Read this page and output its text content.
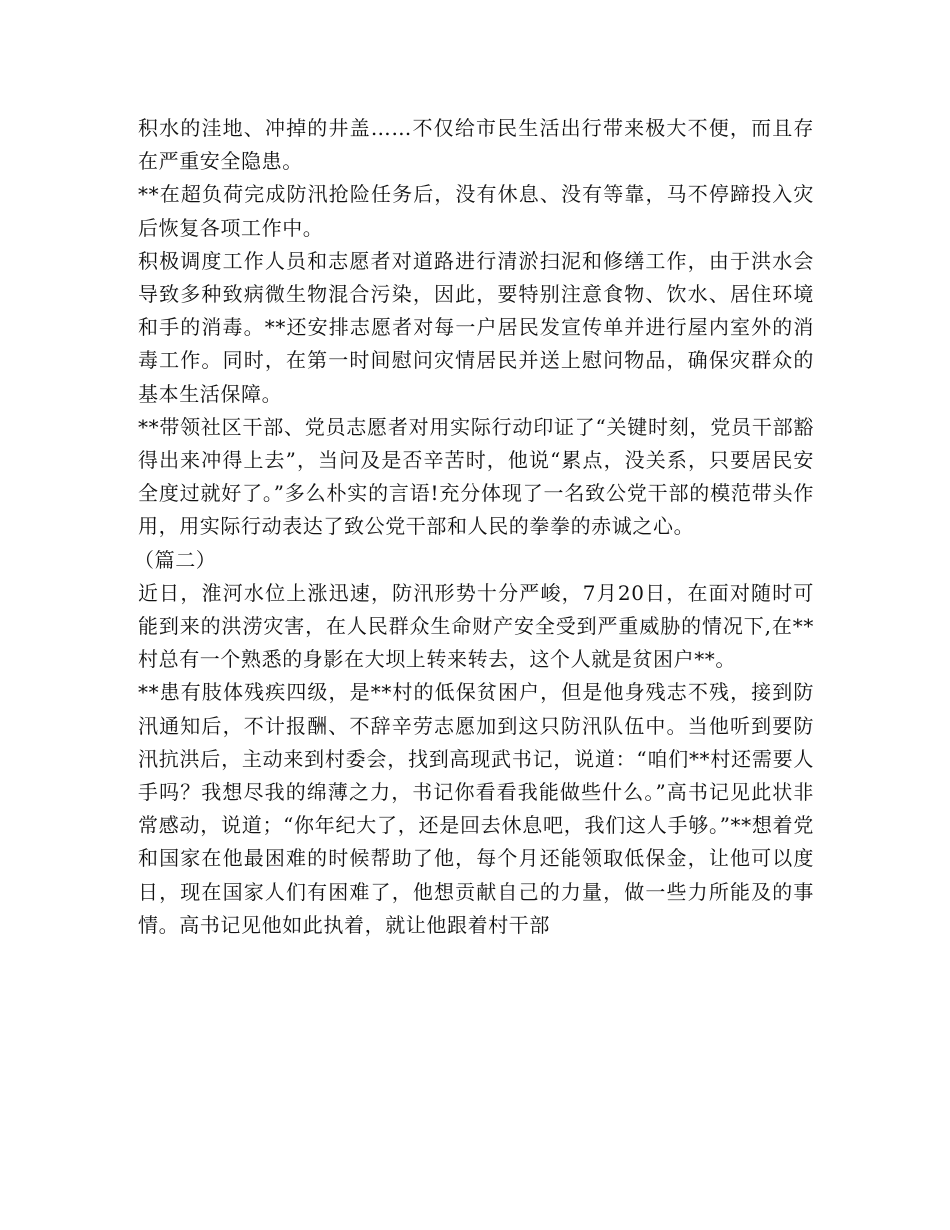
积水的洼地、冲掉的井盖……不仅给市民生活出行带来极大不便，而且存在严重安全隐患。

**在超负荷完成防汛抢险任务后，没有休息、没有等靠，马不停蹄投入灾后恢复各项工作中。

积极调度工作人员和志愿者对道路进行清淤扫泥和修缮工作，由于洪水会导致多种致病微生物混合污染，因此，要特别注意食物、饮水、居住环境和手的消毒。**还安排志愿者对每一户居民发宣传单并进行屋内室外的消毒工作。同时，在第一时间慰问灾情居民并送上慰问物品，确保灾群众的基本生活保障。

**带领社区干部、党员志愿者对用实际行动印证了“关键时刻，党员干部豁得出来冲得上去”，当问及是否辛苦时，他说“累点，没关系，只要居民安全度过就好了。”多么朴实的言语!充分体现了一名致公党干部的模范带头作用，用实际行动表达了致公党干部和人民的拳拳的赤诚之心。

（篇二）

近日，淮河水位上涨迅速，防汛形势十分严峻，7月20日，在面对随时可能到来的洪涝灾害，在人民群众生命财产安全受到严重威胁的情况下,在**村总有一个熟悉的身影在大坝上转来转去，这个人就是贫困户**。

**患有肢体残疾四级，是**村的低保贫困户，但是他身残志不残，接到防汛通知后，不计报酬、不辞辛劳志愿加到这只防汛队伍中。当他听到要防汛抗洪后，主动来到村委会，找到高现武书记，说道：“咱们**村还需要人手吗？我想尽我的绵薄之力，书记你看看我能做些什么。”高书记见此状非常感动，说道；“你年纪大了，还是回去休息吧，我们这人手够。”**想着党和国家在他最困难的时候帮助了他，每个月还能领取低保金，让他可以度日，现在国家人们有困难了，他想贡献自己的力量，做一些力所能及的事情。高书记见他如此执着，就让他跟着村干部
